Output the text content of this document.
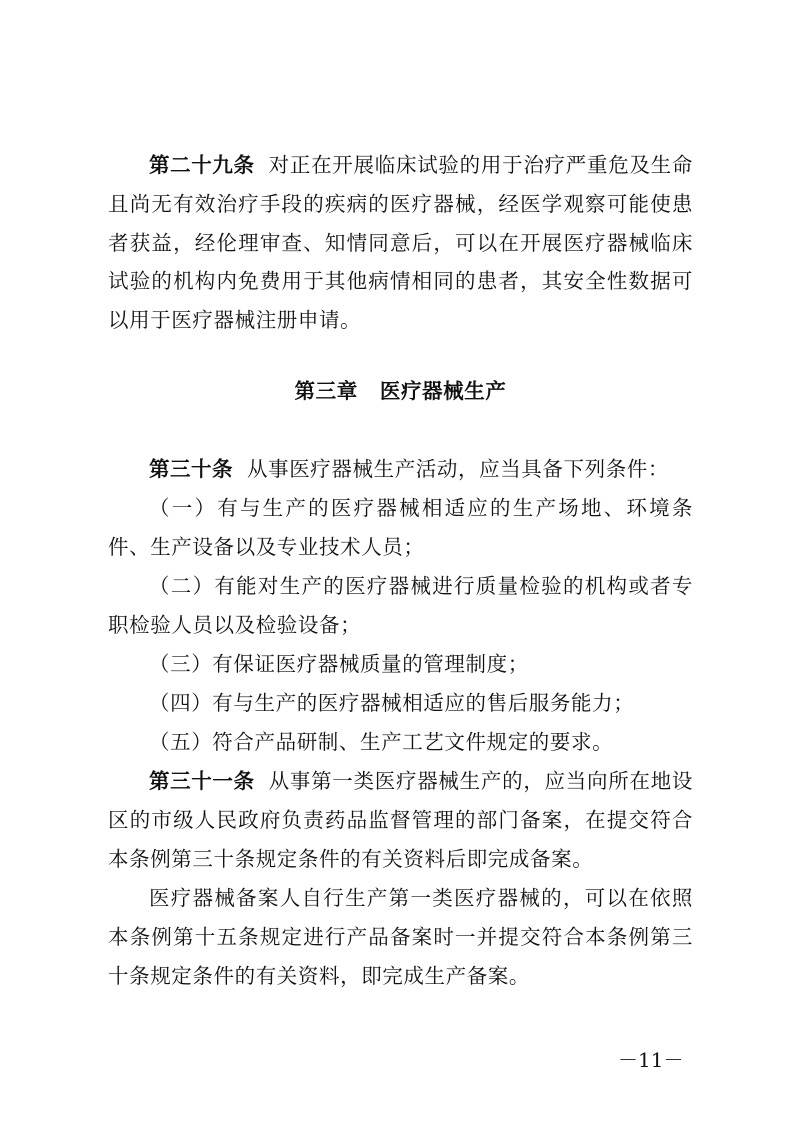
第二十九条 对正在开展临床试验的用于治疗严重危及生命且尚无有效治疗手段的疾病的医疗器械，经医学观察可能使患者获益，经伦理审查、知情同意后，可以在开展医疗器械临床试验的机构内免费用于其他病情相同的患者，其安全性数据可以用于医疗器械注册申请。

第三章 医疗器械生产

第三十条 从事医疗器械生产活动，应当具备下列条件：

（一）有与生产的医疗器械相适应的生产场地、环境条件、生产设备以及专业技术人员；

（二）有能对生产的医疗器械进行质量检验的机构或者专职检验人员以及检验设备；

（三）有保证医疗器械质量的管理制度；

（四）有与生产的医疗器械相适应的售后服务能力；

（五）符合产品研制、生产工艺文件规定的要求。

第三十一条 从事第一类医疗器械生产的，应当向所在地设区的市级人民政府负责药品监督管理的部门备案，在提交符合本条例第三十条规定条件的有关资料后即完成备案。

医疗器械备案人自行生产第一类医疗器械的，可以在依照本条例第十五条规定进行产品备案时一并提交符合本条例第三十条规定条件的有关资料，即完成生产备案。

－11－
